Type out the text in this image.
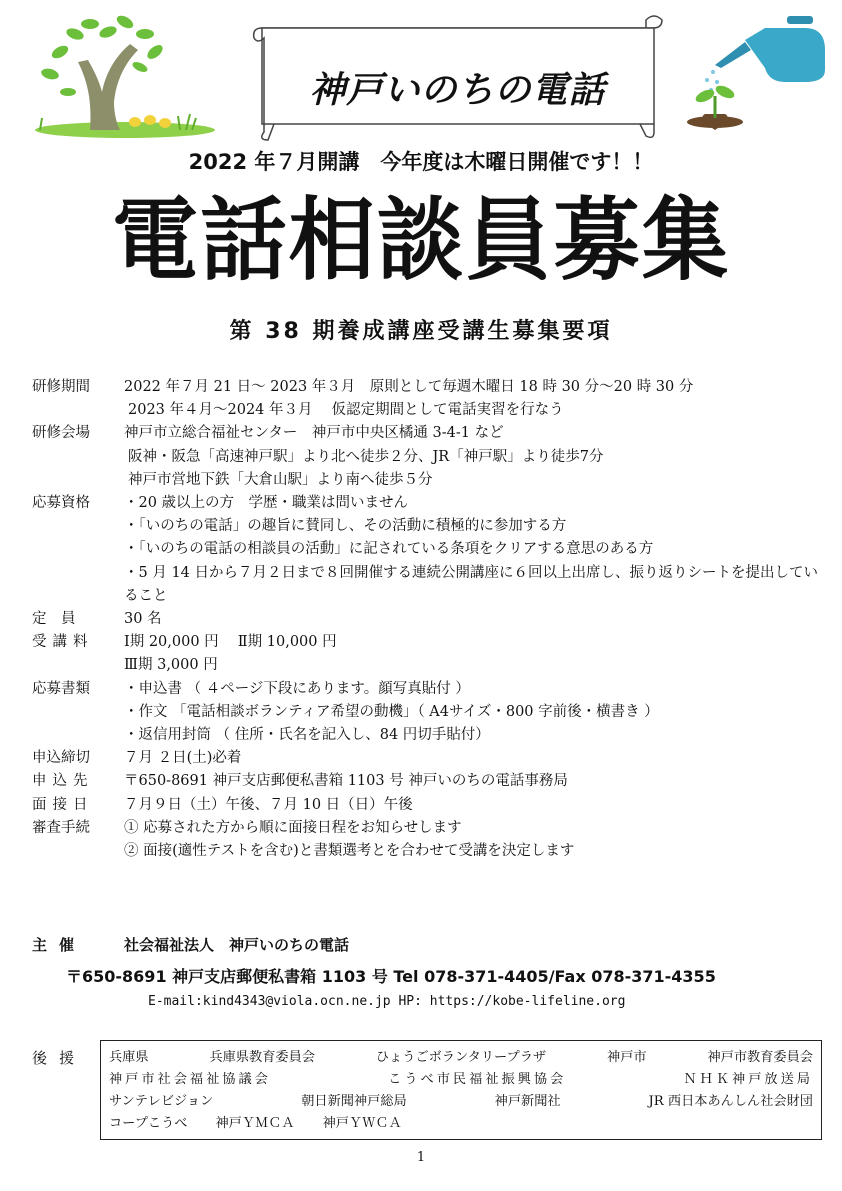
神戸いのちの電話
2022 年７月開講　今年度は木曜日開催です！！
電話相談員募集
第 38 期養成講座受講生募集要項
研修期間	2022 年７月 21 日～ 2023 年３月　原則として毎週木曜日 18 時 30 分～20 時 30 分
2023 年４月～2024 年３月　 仮認定期間として電話実習を行なう
研修会場	神戸市立総合福祉センター　神戸市中央区橘通 3-4-1 など
阪神・阪急「高速神戸駅」より北へ徒歩２分、JR「神戸駅」より徒歩7分
神戸市営地下鉄「大倉山駅」より南へ徒歩５分
応募資格	・20 歳以上の方　学歴・職業は問いません
・「いのちの電話」の趣旨に賛同し、その活動に積極的に参加する方
・「いのちの電話の相談員の活動」に記されている条項をクリアする意思のある方
・5 月 14 日から７月２日まで８回開催する連続公開講座に６回以上出席し、振り返りシートを提出していること
定　員	30 名
受講料	Ⅰ期 20,000 円　 Ⅱ期 10,000 円
Ⅲ期 3,000 円
応募書類	・申込書 （ ４ページ下段にあります。顔写真貼付 ）
・作文 「電話相談ボランティア希望の動機」（ A4サイズ・800 字前後・横書き ）
・返信用封筒 （ 住所・氏名を記入し、84 円切手貼付）
申込締切	７月 ２日(土)必着
申込先	〒650-8691 神戸支店郵便私書箱 1103 号 神戸いのちの電話事務局
面接日	７月９日（土）午後、７月 10 日（日）午後
審査手続	① 応募された方から順に面接日程をお知らせします
② 面接(適性テストを含む)と書類選考とを合わせて受講を決定します
主催	社会福祉法人　神戸いのちの電話
〒650-8691 神戸支店郵便私書箱 1103 号 Tel 078-371-4405/Fax 078-371-4355
E-mail:kind4343@viola.ocn.ne.jp HP: https://kobe-lifeline.org
後援 兵庫県	兵庫県教育委員会	ひょうごボランタリープラザ	神戸市	神戸市教育委員会
神戸市社会福祉協議会	こうべ市民福祉振興協会	ＮＨＫ神戸放送局
サンテレビジョン	朝日新聞神戸総局	神戸新聞社	JR 西日本あんしん社会財団
コープこうべ 神戸ＹＭＣＡ 神戸ＹＷＣＡ
1
